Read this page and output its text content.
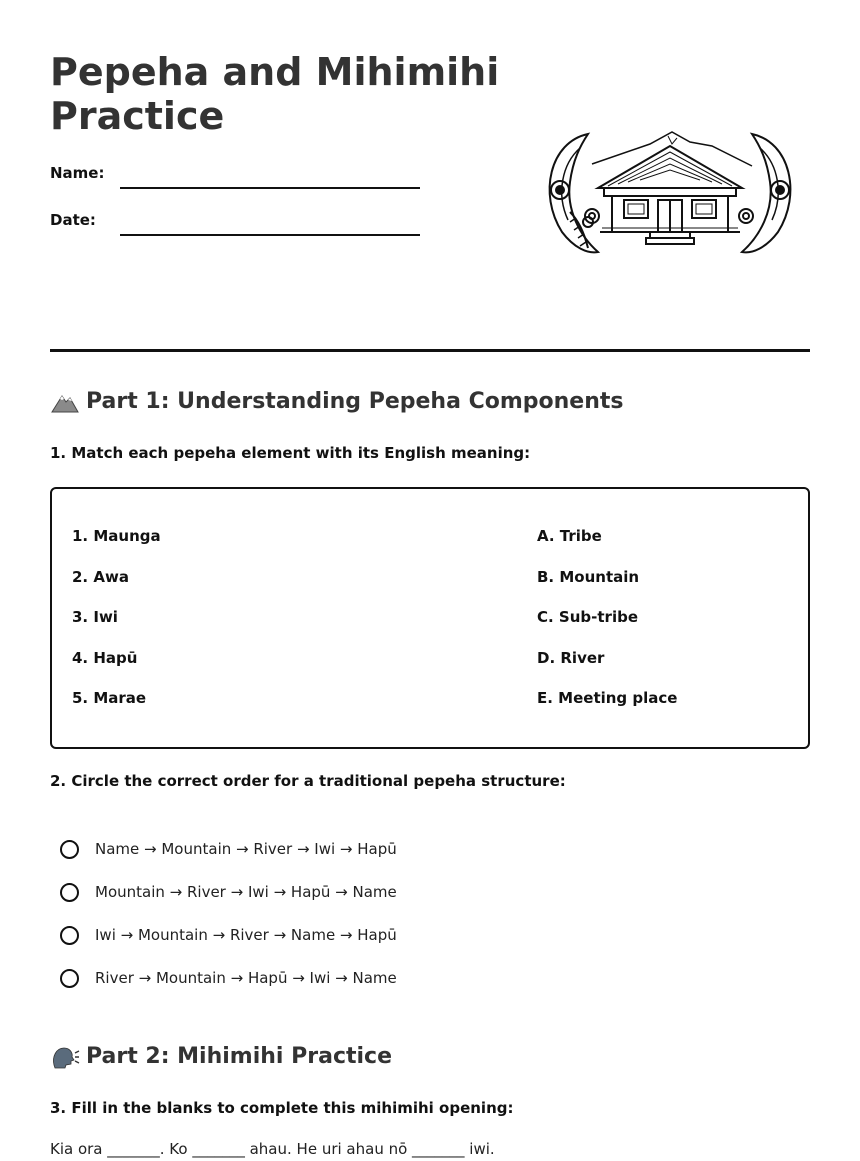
Pepeha and Mihimihi Practice
Name:
Date:
Part 1: Understanding Pepeha Components
1. Match each pepeha element with its English meaning:
1. Maunga
2. Awa
3. Iwi
4. Hapū
5. Marae
A. Tribe
B. Mountain
C. Sub-tribe
D. River
E. Meeting place
2. Circle the correct order for a traditional pepeha structure:
Name → Mountain → River → Iwi → Hapū
Mountain → River → Iwi → Hapū → Name
Iwi → Mountain → River → Name → Hapū
River → Mountain → Hapū → Iwi → Name
Part 2: Mihimihi Practice
3. Fill in the blanks to complete this mihimihi opening:
Kia ora _______. Ko _______ ahau. He uri ahau nō _______ iwi.
